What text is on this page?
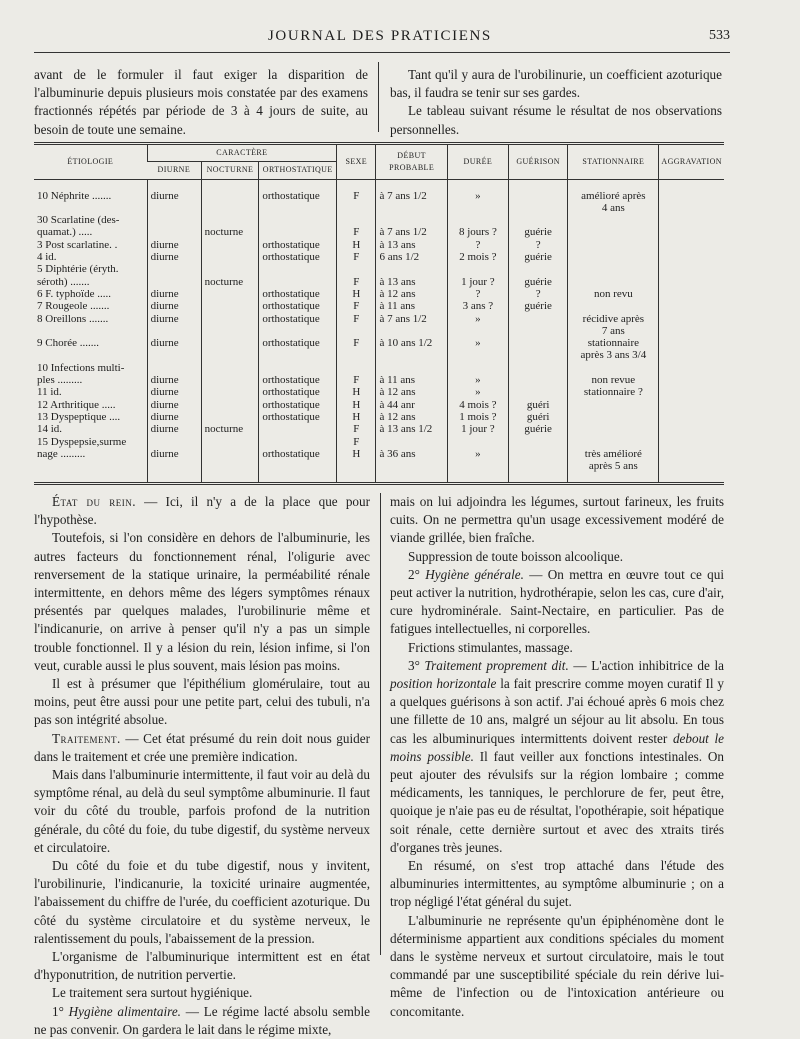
JOURNAL DES PRATICIENS	533

avant de le formuler il faut exiger la disparition de l'albuminurie depuis plusieurs mois constatée par des examens fractionnés répétés par période de 3 à 4 jours de suite, au besoin de toute une semaine.

Tant qu'il y aura de l'urobilinurie, un coefficient azoturique bas, il faudra se tenir sur ses gardes.

Le tableau suivant résume le résultat de nos observations personnelles.

ÉTIOLOGIE	CARACTÈRE			SEXE	DÉBUT PROBABLE	DURÉE	GUÉRISON	STATIONNAIRE	AGGRAVATION
	DIURNE	NOCTURNE	ORTHOSTATIQUE						
10 Néphrite .......	diurne		orthostatique	F	à 7 ans 1/2	»		amélioré après	
								4 ans	
30 Scarlatine (des-									
quamat.) .....		nocturne		F	à 7 ans 1/2	8 jours ?	guérie		
3 Post scarlatine. .	diurne		orthostatique	H	à 13 ans	?	?		
4 id.	diurne		orthostatique	F	6 ans 1/2	2 mois ?	guérie		
5 Diphtérie (éryth.									
séroth) .......		nocturne		F	à 13 ans	1 jour ?	guérie		
6 F. typhoïde .....	diurne		orthostatique	H	à 12 ans	?	?	non revu	
7 Rougeole .......	diurne		orthostatique	F	à 11 ans	3 ans ?	guérie		
8 Oreillons .......	diurne		orthostatique	F	à 7 ans 1/2	»		récidive après	
								7 ans	
9 Chorée .......	diurne		orthostatique	F	à 10 ans 1/2	»		stationnaire	
								après 3 ans 3/4	
10 Infections multi-									
ples .........	diurne		orthostatique	F	à 11 ans	»		non revue	
11 id.	diurne		orthostatique	H	à 12 ans	»		stationnaire ?	
12 Arthritique .....	diurne		orthostatique	H	à 44 anr	4 mois ?	guéri		
13 Dyspeptique ....	diurne		orthostatique	H	à 12 ans	1 mois ?	guéri		
14 id.	diurne	nocturne		F	à 13 ans 1/2	1 jour ?	guérie		
15 Dyspepsie,surme				F					
nage .........	diurne		orthostatique	H	à 36 ans	»		très amélioré	
								après 5 ans	

État du rein. — Ici, il n'y a de la place que pour l'hypothèse.

Toutefois, si l'on considère en dehors de l'albuminurie, les autres facteurs du fonctionnement rénal, l'oligurie avec renversement de la statique urinaire, la perméabilité rénale intermittente, en dehors même des légers symptômes rénaux présentés par quelques malades, l'urobilinurie même et l'indicanurie, on arrive à penser qu'il n'y a pas un simple trouble fonctionnel. Il y a lésion du rein, lésion infime, si l'on veut, curable aussi le plus souvent, mais lésion pas moins.

Il est à présumer que l'épithélium glomérulaire, tout au moins, peut être aussi pour une petite part, celui des tubuli, n'a pas son intégrité absolue.

Traitement. — Cet état présumé du rein doit nous guider dans le traitement et crée une première indication.

Mais dans l'albuminurie intermittente, il faut voir au delà du symptôme rénal, au delà du seul symptôme albuminurie. Il faut voir du côté du trouble, parfois profond de la nutrition générale, du côté du foie, du tube digestif, du système nerveux et circulatoire.

Du côté du foie et du tube digestif, nous y invitent, l'urobilinurie, l'indicanurie, la toxicité urinaire augmentée, l'abaissement du chiffre de l'urée, du coefficient azoturique. Du côté du système circulatoire et du système nerveux, le ralentissement du pouls, l'abaissement de la pression.

L'organisme de l'albuminurique intermittent est en état d'hyponutrition, de nutrition pervertie.

Le traitement sera surtout hygiénique.

1° Hygiène alimentaire. — Le régime lacté absolu semble ne pas convenir. On gardera le lait dans le régime mixte,

mais on lui adjoindra les légumes, surtout farineux, les fruits cuits. On ne permettra qu'un usage excessivement modéré de viande grillée, bien fraîche.

Suppression de toute boisson alcoolique.

2° Hygiène générale. — On mettra en œuvre tout ce qui peut activer la nutrition, hydrothérapie, selon les cas, cure d'air, cure hydrominérale. Saint-Nectaire, en particulier. Pas de fatigues intellectuelles, ni corporelles.

Frictions stimulantes, massage.

3° Traitement proprement dit. — L'action inhibitrice de la position horizontale la fait prescrire comme moyen curatif Il y a quelques guérisons à son actif. J'ai échoué après 6 mois chez une fillette de 10 ans, malgré un séjour au lit absolu. En tous cas les albuminuriques intermittents doivent rester debout le moins possible. Il faut veiller aux fonctions intestinales. On peut ajouter des révulsifs sur la région lombaire ; comme médicaments, les tanniques, le perchlorure de fer, peut être, quoique je n'aie pas eu de résultat, l'opothérapie, soit hépatique soit rénale, cette dernière surtout et avec des xtraits tirés d'organes très jeunes.

En résumé, on s'est trop attaché dans l'étude des albuminuries intermittentes, au symptôme albuminurie ; on a trop négligé l'état général du sujet.

L'albuminurie ne représente qu'un épiphénomène dont le déterminisme appartient aux conditions spéciales du moment dans le système nerveux et surtout circulatoire, mais le tout commandé par une susceptibilité spéciale du rein dérive lui-même de l'infection ou de l'intoxication antérieure ou concomitante.
